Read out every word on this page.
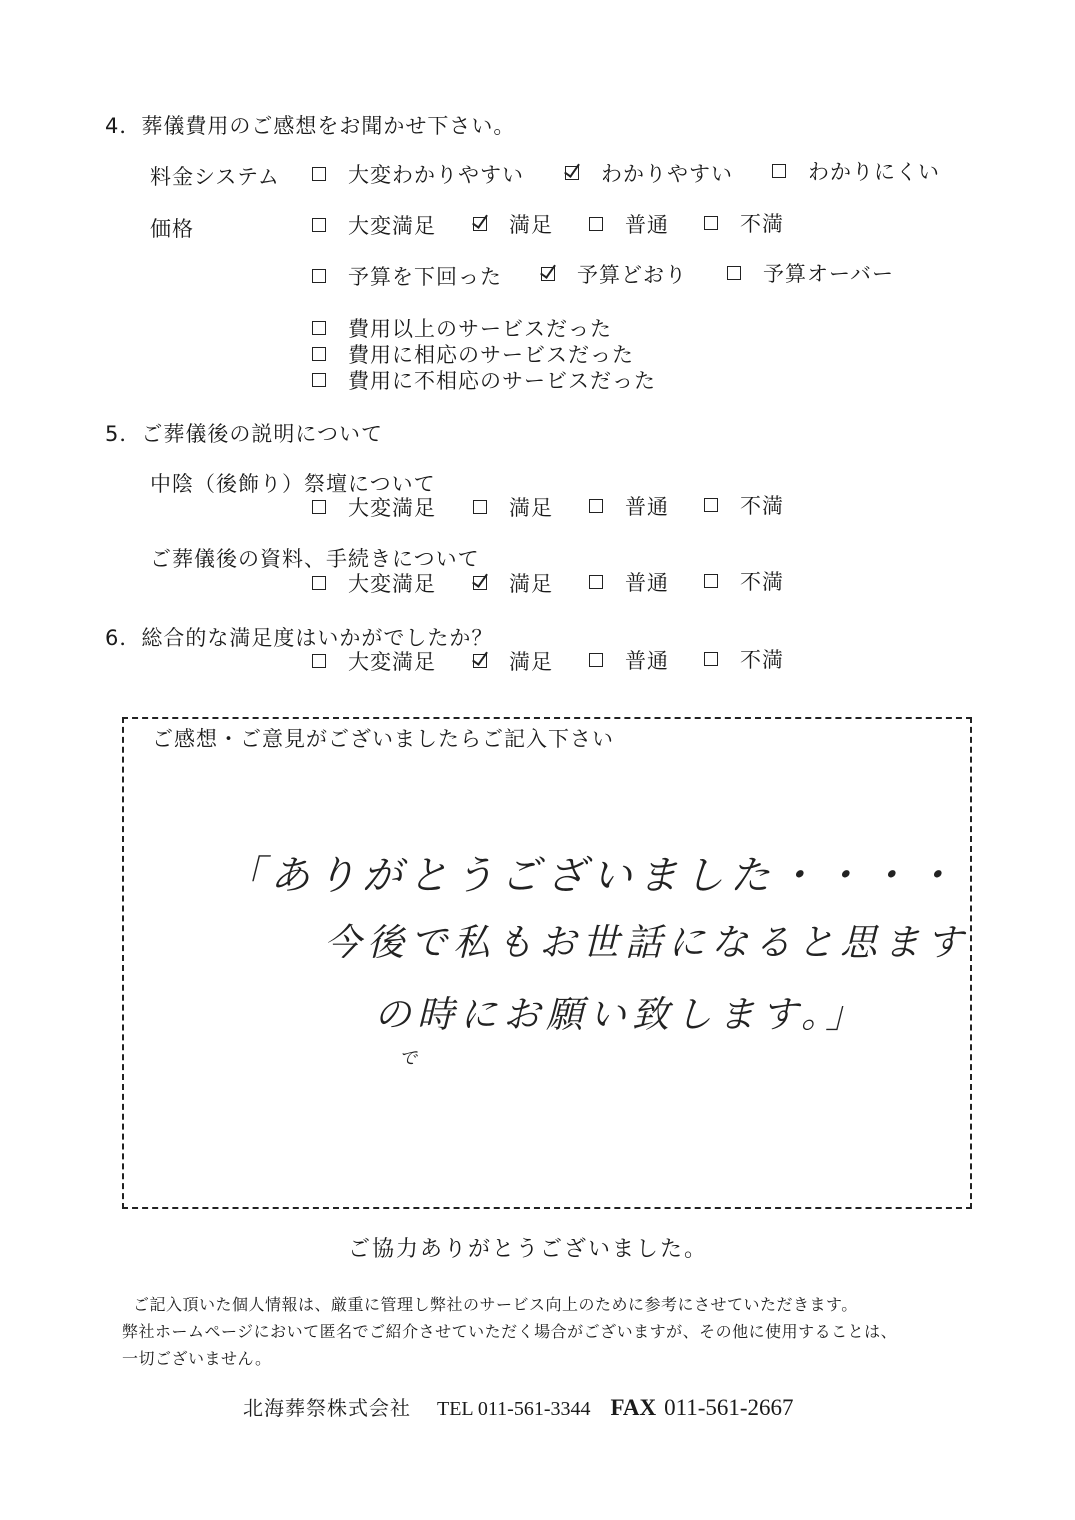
4．葬儀費用のご感想をお聞かせ下さい。
料金システム	大変わかりやすい	わかりやすい	わかりにくい
価格	大変満足	満足	普通	不満
予算を下回った	予算どおり	予算オーバー
費用以上のサービスだった
費用に相応のサービスだった
費用に不相応のサービスだった
5．ご葬儀後の説明について
中陰（後飾り）祭壇について
大変満足	満足	普通	不満
ご葬儀後の資料、手続きについて
大変満足	満足	普通	不満
6．総合的な満足度はいかがでしたか？
大変満足	満足	普通	不満
ご感想・ご意見がございましたらご記入下さい
「ありがとうございました・・・・
今後で私もお世話になると思ます
の時にお願い致します。」
で
ご協力ありがとうございました。
ご記入頂いた個人情報は、厳重に管理し弊社のサービス向上のために参考にさせていただきます。
弊社ホームページにおいて匿名でご紹介させていただく場合がございますが、その他に使用することは、
一切ございません。
北海葬祭株式会社 TEL 011-561-3344 FAX 011-561-2667
